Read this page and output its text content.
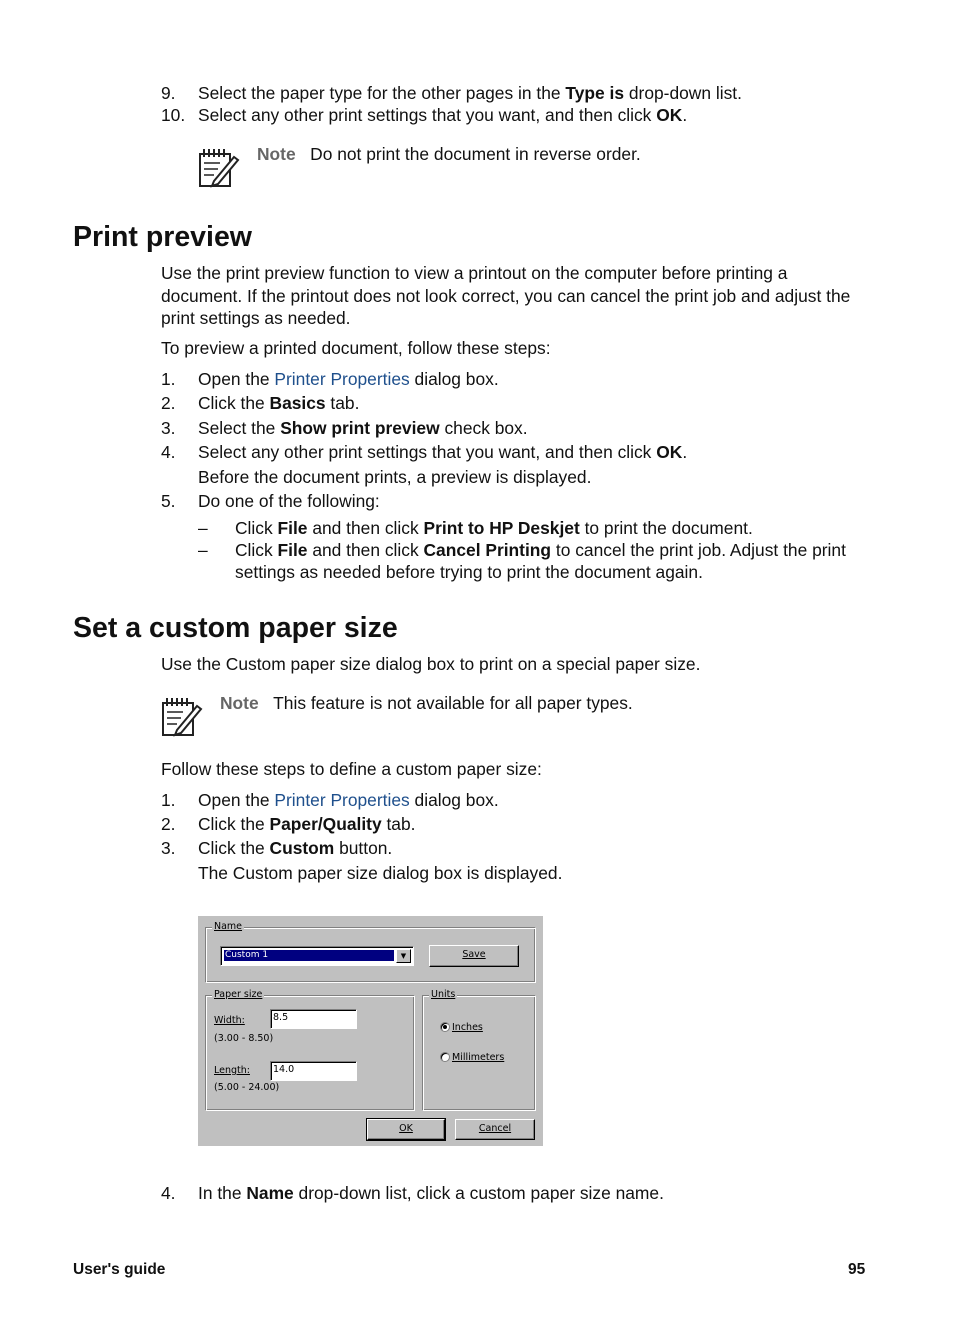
9. Select the paper type for the other pages in the Type is drop-down list.
10. Select any other print settings that you want, and then click OK.
Note Do not print the document in reverse order.
Print preview
Use the print preview function to view a printout on the computer before printing a document. If the printout does not look correct, you can cancel the print job and adjust the print settings as needed.
To preview a printed document, follow these steps:
1. Open the Printer Properties dialog box.
2. Click the Basics tab.
3. Select the Show print preview check box.
4. Select any other print settings that you want, and then click OK.
Before the document prints, a preview is displayed.
5. Do one of the following:
– Click File and then click Print to HP Deskjet to print the document.
– Click File and then click Cancel Printing to cancel the print job. Adjust the print settings as needed before trying to print the document again.
Set a custom paper size
Use the Custom paper size dialog box to print on a special paper size.
Note This feature is not available for all paper types.
Follow these steps to define a custom paper size:
1. Open the Printer Properties dialog box.
2. Click the Paper/Quality tab.
3. Click the Custom button.
The Custom paper size dialog box is displayed.
Name
Custom 1	▼	Save
Paper size
Width:	8.5
(3.00 - 8.50)
Length:	14.0
(5.00 - 24.00)
Units
Inches
Millimeters
OK	Cancel
4. In the Name drop-down list, click a custom paper size name.
User's guide	95
